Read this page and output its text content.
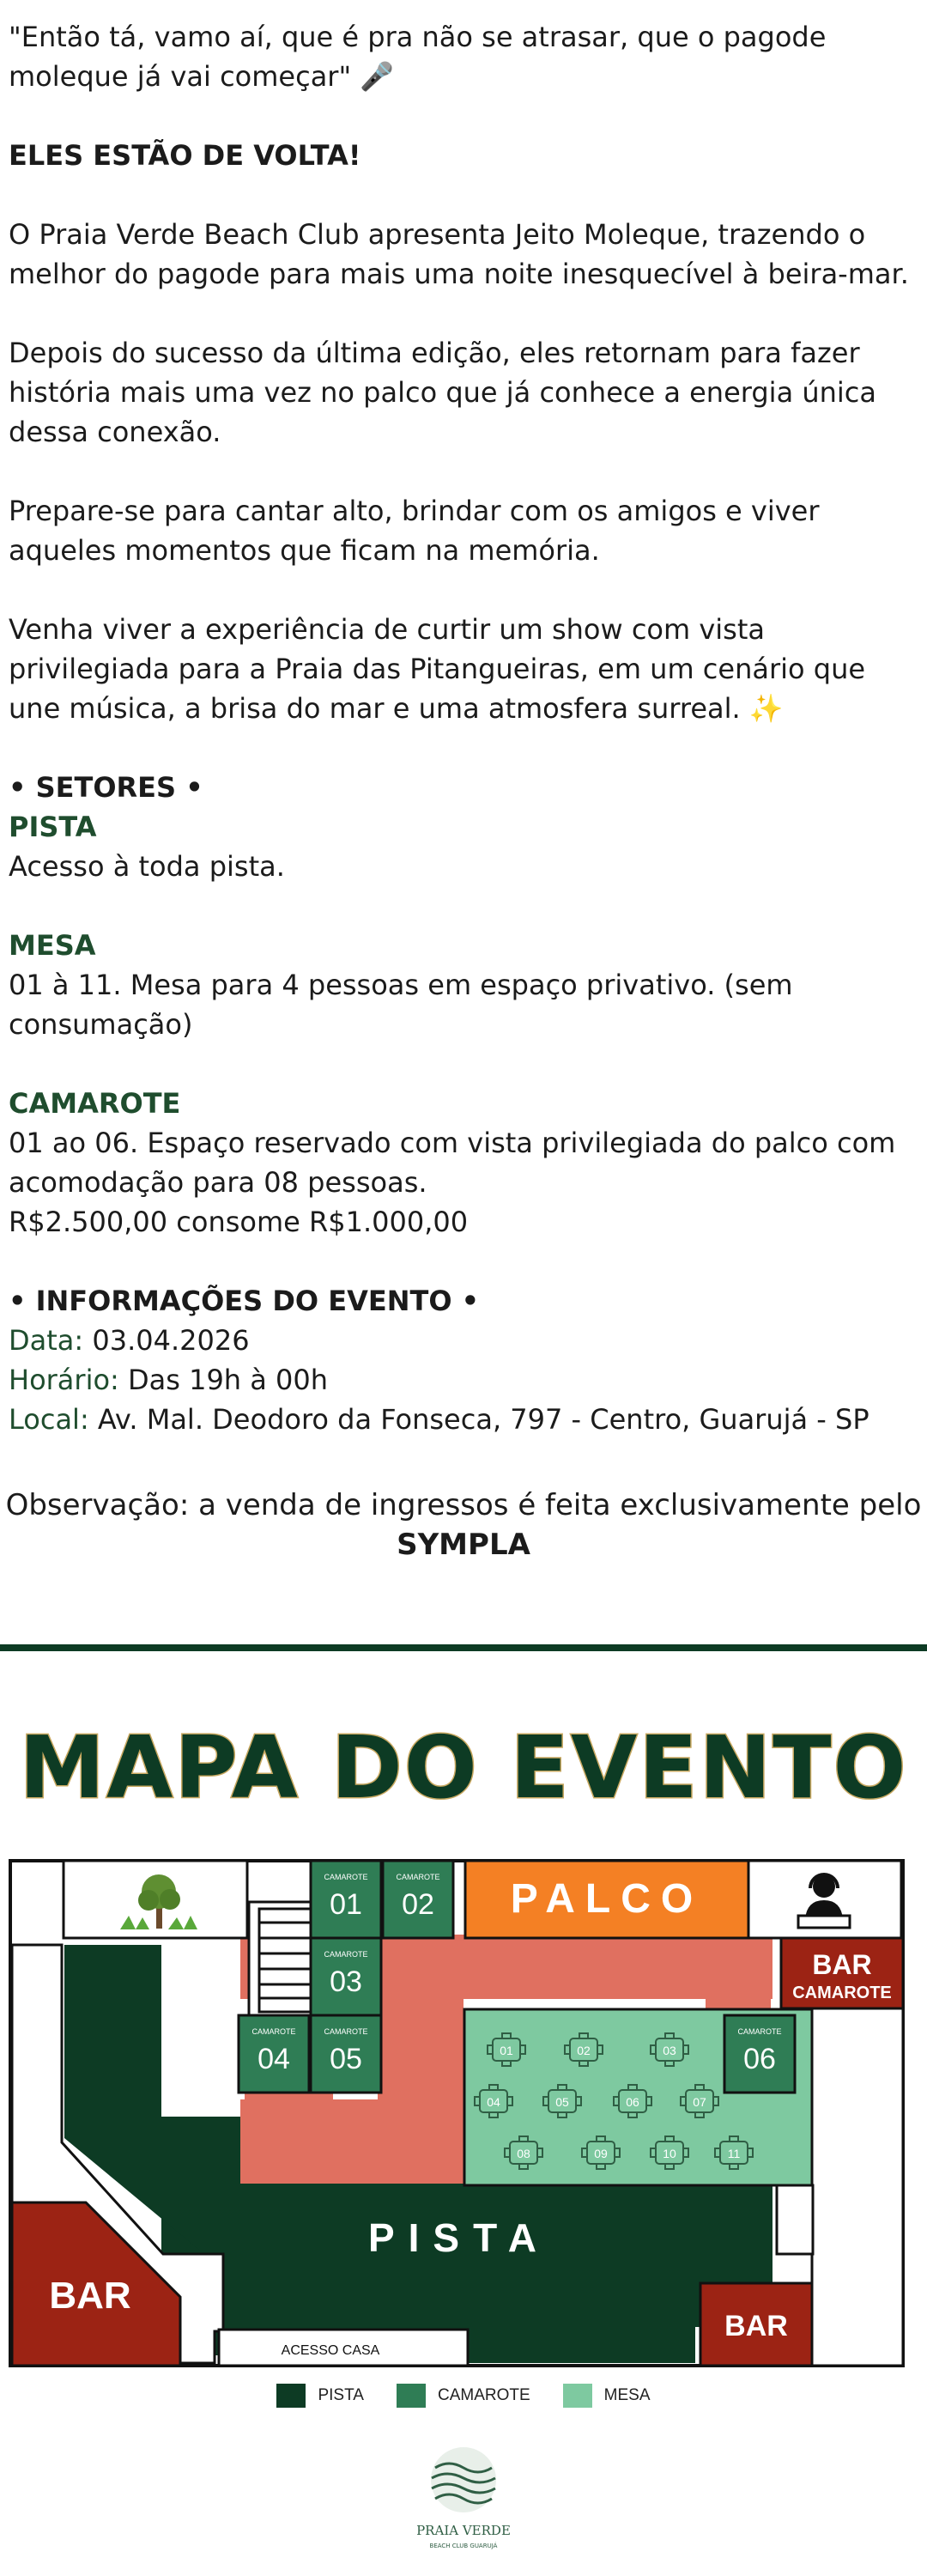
"Então tá, vamo aí, que é pra não se atrasar, que o pagode moleque já vai começar" 🎤

ELES ESTÃO DE VOLTA!

O Praia Verde Beach Club apresenta Jeito Moleque, trazendo o melhor do pagode para mais uma noite inesquecível à beira-mar.

Depois do sucesso da última edição, eles retornam para fazer história mais uma vez no palco que já conhece a energia única dessa conexão.

Prepare-se para cantar alto, brindar com os amigos e viver aqueles momentos que ficam na memória.

Venha viver a experiência de curtir um show com vista privilegiada para a Praia das Pitangueiras, em um cenário que une música, a brisa do mar e uma atmosfera surreal. ✨

• SETORES •

PISTA

Acesso à toda pista.

MESA

01 à 11. Mesa para 4 pessoas em espaço privativo. (sem consumação)

CAMAROTE

01 ao 06. Espaço reservado com vista privilegiada do palco com acomodação para 08 pessoas.

R$2.500,00 consome R$1.000,00

• INFORMAÇÕES DO EVENTO •

Data: 03.04.2026

Horário: Das 19h à 00h

Local: Av. Mal. Deodoro da Fonseca, 797 - Centro, Guarujá - SP

Observação: a venda de ingressos é feita exclusivamente pelo
SYMPLA
MAPA DO EVENTO
PALCO
BAR
CAMAROTE
BAR
BAR
ACESSO CASA
PISTA
CAMAROTE
01
CAMAROTE
02
CAMAROTE
03
CAMAROTE
04
CAMAROTE
05
CAMAROTE
06
01	02	03
04	05	06	07
08	09	10	11
PISTA	CAMAROTE	MESA
PRAIA VERDE
BEACH CLUB GUARUJÁ
